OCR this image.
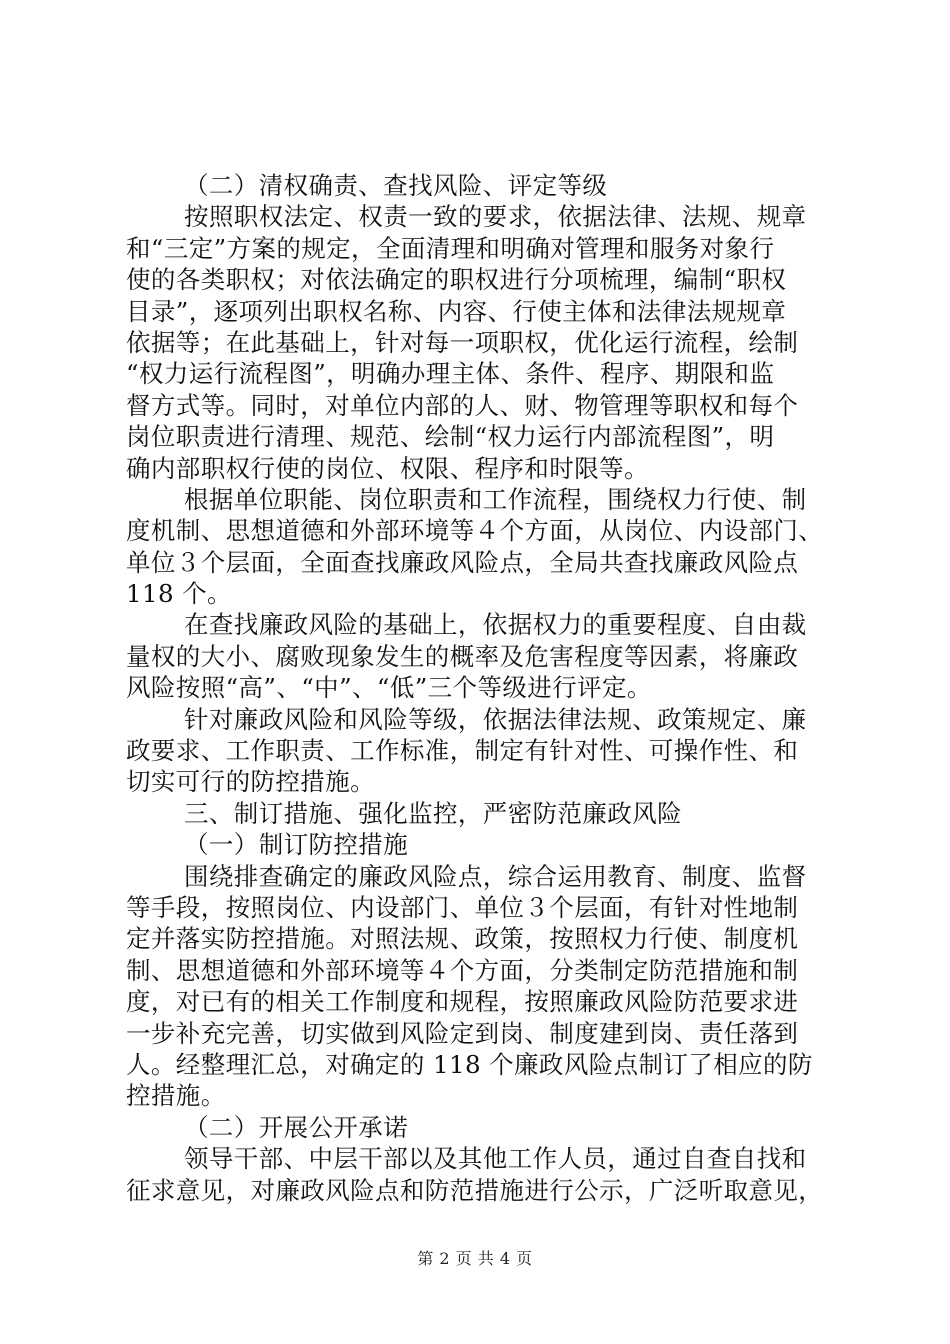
（二）清权确责、查找风险、评定等级
按照职权法定、权责一致的要求，依据法律、法规、规章
和“三定”方案的规定，全面清理和明确对管理和服务对象行
使的各类职权；对依法确定的职权进行分项梳理，编制“职权
目录”，逐项列出职权名称、内容、行使主体和法律法规规章
依据等；在此基础上，针对每一项职权，优化运行流程，绘制
“权力运行流程图”，明确办理主体、条件、程序、期限和监
督方式等。同时，对单位内部的人、财、物管理等职权和每个
岗位职责进行清理、规范、绘制“权力运行内部流程图”，明
确内部职权行使的岗位、权限、程序和时限等。
根据单位职能、岗位职责和工作流程，围绕权力行使、制
度机制、思想道德和外部环境等４个方面，从岗位、内设部门、
单位３个层面，全面查找廉政风险点，全局共查找廉政风险点
118 个。
在查找廉政风险的基础上，依据权力的重要程度、自由裁
量权的大小、腐败现象发生的概率及危害程度等因素，将廉政
风险按照“高”、“中”、“低”三个等级进行评定。
针对廉政风险和风险等级，依据法律法规、政策规定、廉
政要求、工作职责、工作标准，制定有针对性、可操作性、和
切实可行的防控措施。
三、制订措施、强化监控，严密防范廉政风险
（一）制订防控措施
围绕排查确定的廉政风险点，综合运用教育、制度、监督
等手段，按照岗位、内设部门、单位３个层面，有针对性地制
定并落实防控措施。对照法规、政策，按照权力行使、制度机
制、思想道德和外部环境等４个方面，分类制定防范措施和制
度，对已有的相关工作制度和规程，按照廉政风险防范要求进
一步补充完善，切实做到风险定到岗、制度建到岗、责任落到
人。经整理汇总，对确定的 118 个廉政风险点制订了相应的防
控措施。
（二）开展公开承诺
领导干部、中层干部以及其他工作人员，通过自查自找和
征求意见，对廉政风险点和防范措施进行公示，广泛听取意见，
第 2 页 共 4 页
